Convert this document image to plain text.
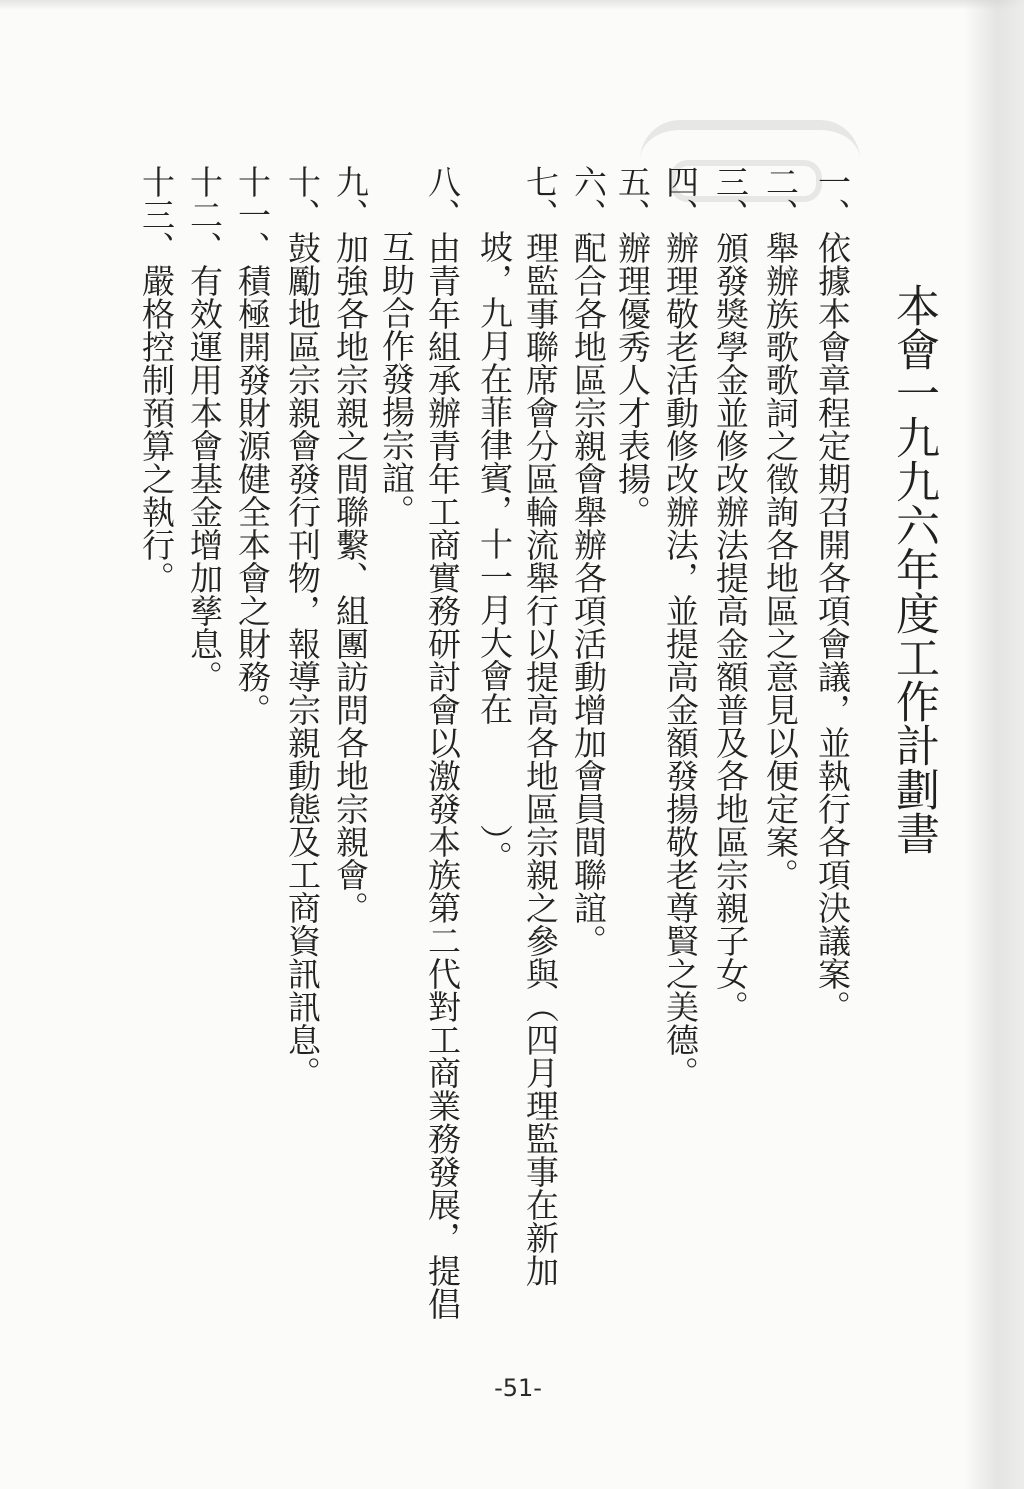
本會一九九六年度工作計劃書
一、依據本會章程定期召開各項會議，並執行各項決議案。
二、舉辦族歌歌詞之徵詢各地區之意見以便定案。
三、頒發獎學金並修改辦法提高金額普及各地區宗親子女。
四、辦理敬老活動修改辦法，並提高金額發揚敬老尊賢之美德。
五、辦理優秀人才表揚。
六、配合各地區宗親會舉辦各項活動增加會員間聯誼。
七、理監事聯席會分區輪流舉行以提高各地區宗親之參與（四月理監事在新加
坡，九月在菲律賓，十一月大會在　　　）。
八、由青年組承辦青年工商實務研討會以激發本族第二代對工商業務發展，提倡
互助合作發揚宗誼。
九、加強各地宗親之間聯繫、組團訪問各地宗親會。
十、鼓勵地區宗親會發行刊物，報導宗親動態及工商資訊訊息。
十一、積極開發財源健全本會之財務。
十二、有效運用本會基金增加孳息。
十三、嚴格控制預算之執行。
-51-
